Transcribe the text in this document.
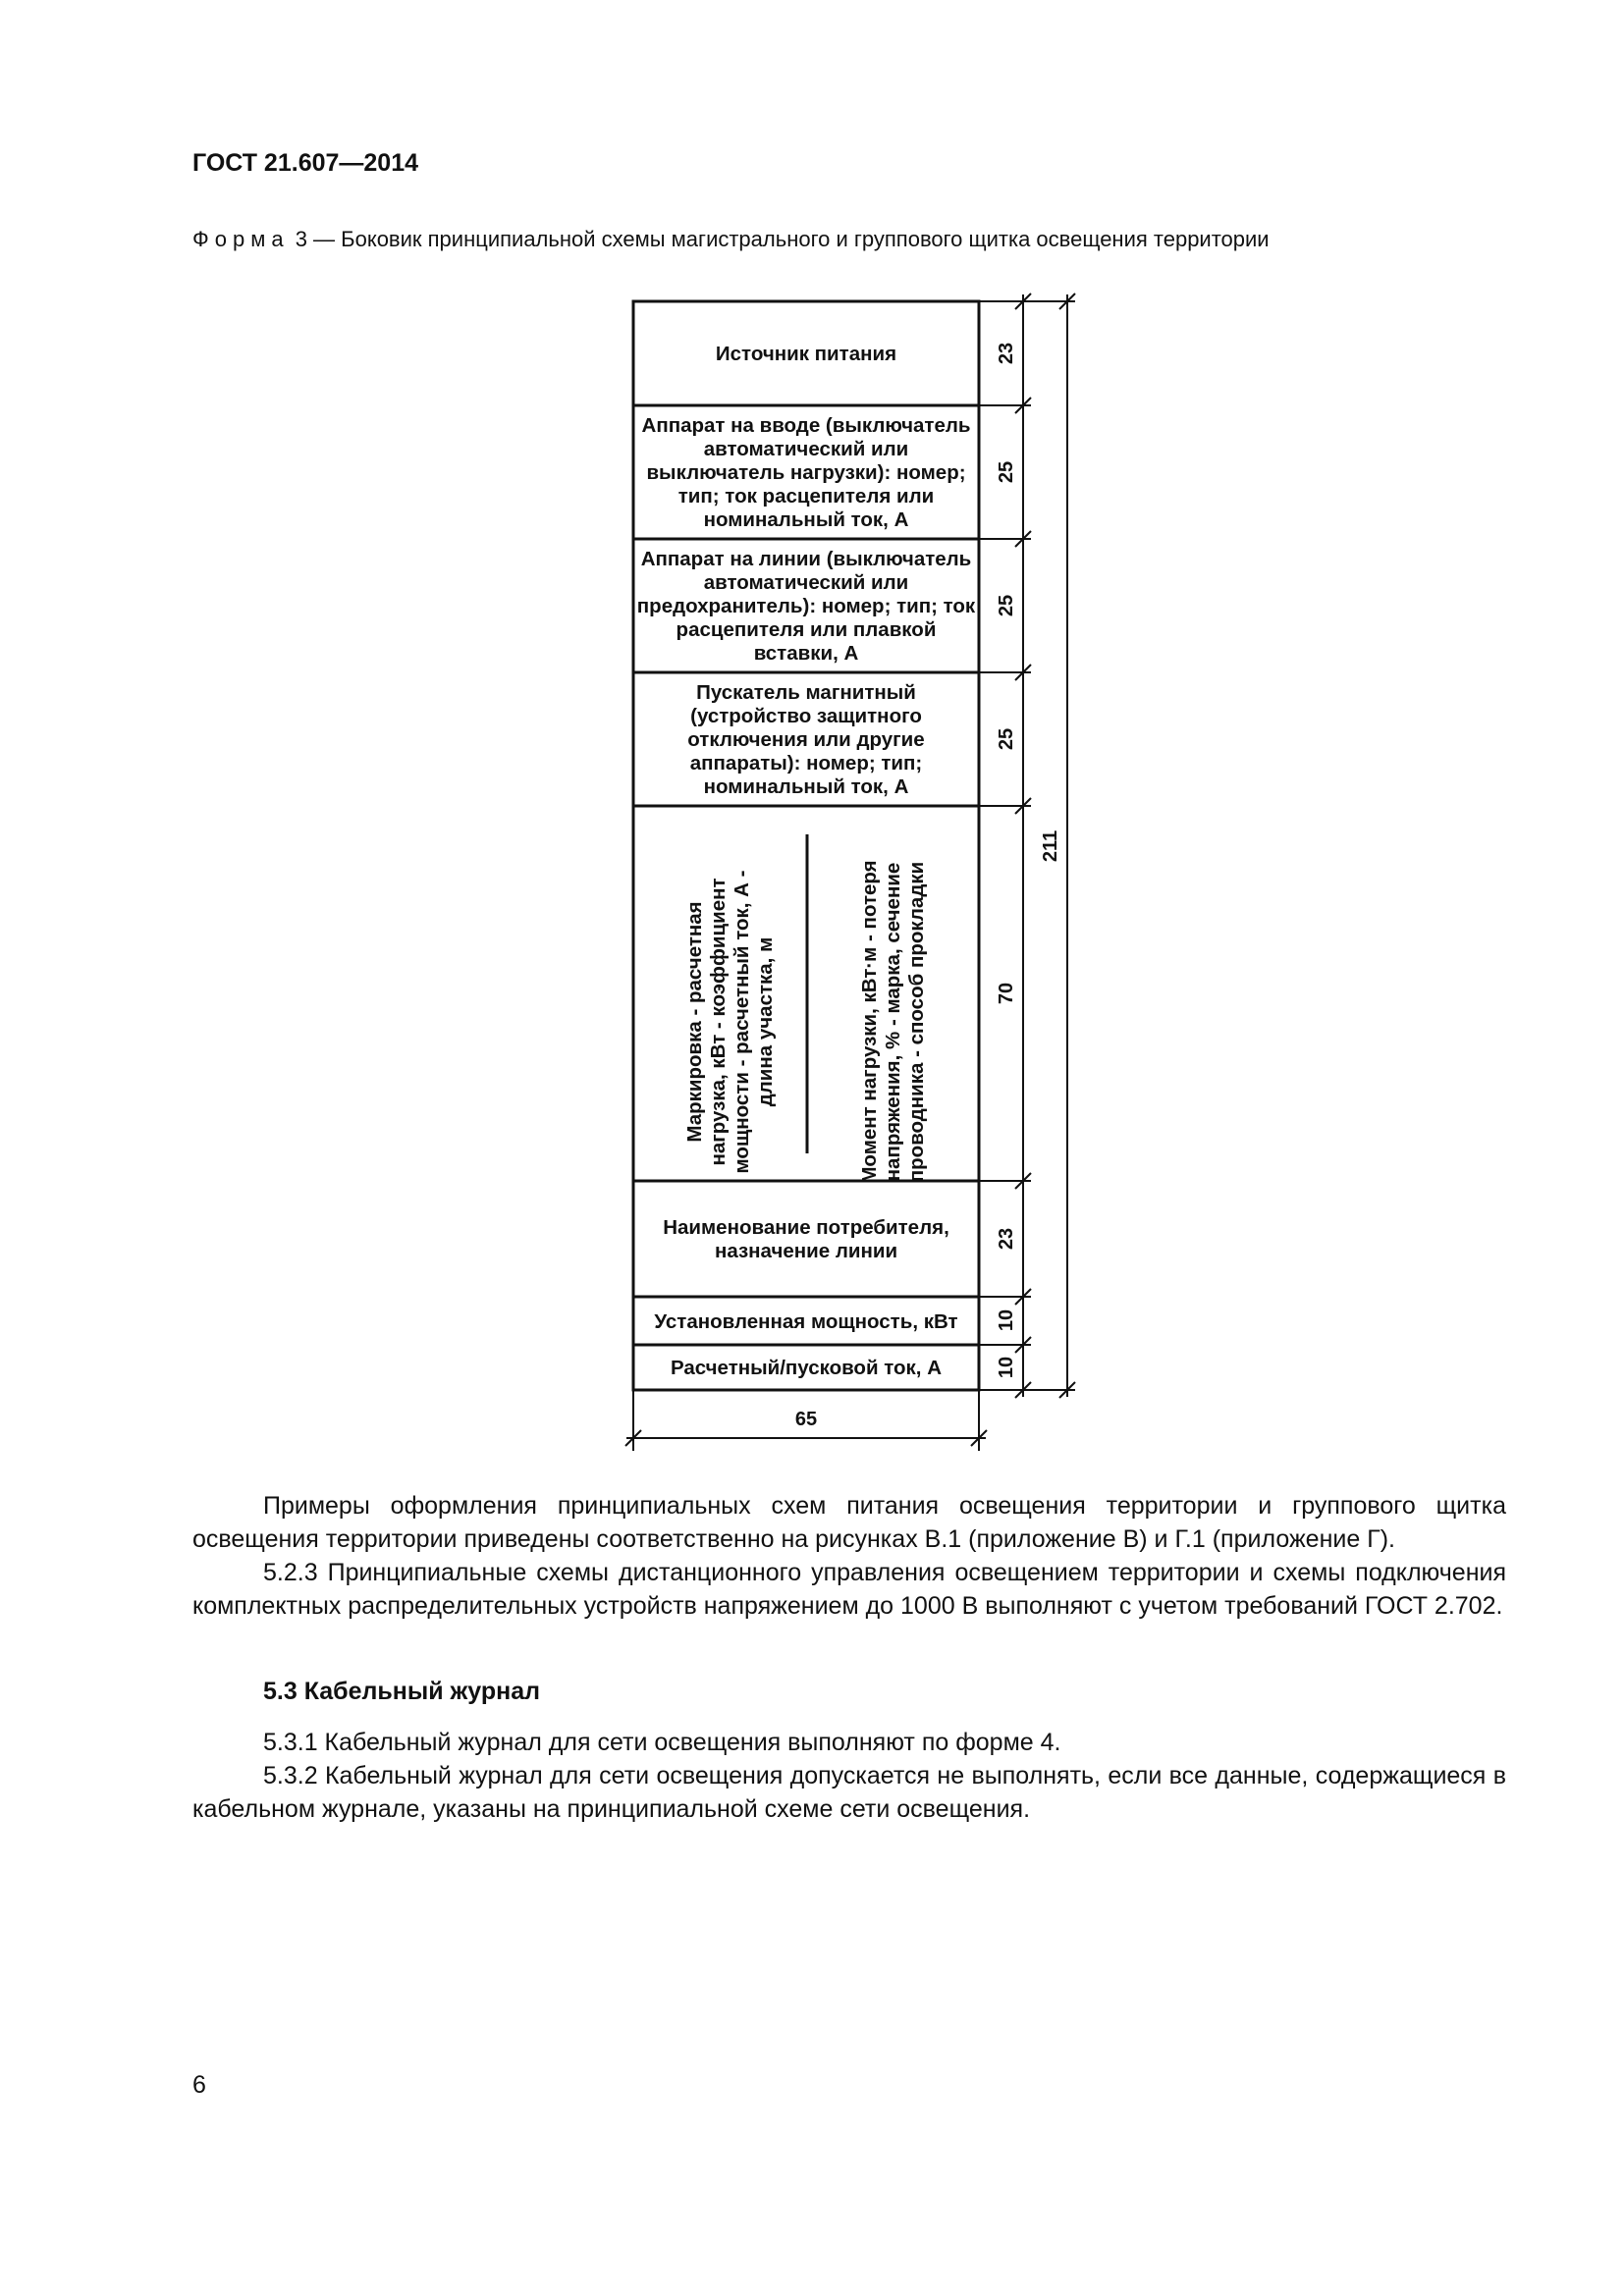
ГОСТ 21.607—2014
Форма 3 — Боковик принципиальной схемы магистрального и группового щитка освещения территории
Источник питания
Аппарат на вводе (выключатель автоматический или выключатель нагрузки): номер; тип; ток расцепителя или номинальный ток, А
Аппарат на линии (выключатель автоматический или предохранитель): номер; тип; ток расцепителя или плавкой вставки, А
Пускатель магнитный (устройство защитного отключения или другие аппараты): номер; тип; номинальный ток, А
Маркировка - расчетная нагрузка, кВт - коэффициент мощности - расчетный ток, А - длина участка, м	Момент нагрузки, кВт·м - потеря напряжения, % - марка, сечение проводника - способ прокладки
Наименование потребителя, назначение линии
Установленная мощность, кВт
Расчетный/пусковой ток, А
23
25
25
25
70
23
10
10
211
65

Примеры оформления принципиальных схем питания освещения территории и группового щитка освещения территории приведены соответственно на рисунках В.1 (приложение В) и Г.1 (приложение Г).

5.2.3 Принципиальные схемы дистанционного управления освещением территории и схемы подключения комплектных распределительных устройств напряжением до 1000 В выполняют с учетом требований ГОСТ 2.702.

5.3 Кабельный журнал

5.3.1 Кабельный журнал для сети освещения выполняют по форме 4.

5.3.2 Кабельный журнал для сети освещения допускается не выполнять, если все данные, содержащиеся в кабельном журнале, указаны на принципиальной схеме сети освещения.

6
